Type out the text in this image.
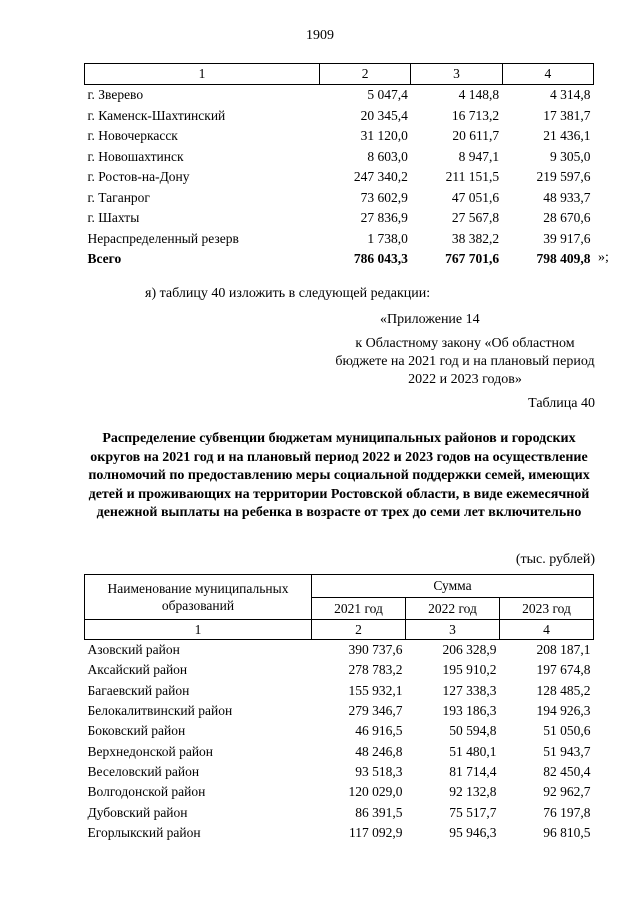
1909
1	2	3	4
г. Зверево	5 047,4	4 148,8	4 314,8
г. Каменск-Шахтинский	20 345,4	16 713,2	17 381,7
г. Новочеркасск	31 120,0	20 611,7	21 436,1
г. Новошахтинск	8 603,0	8 947,1	9 305,0
г. Ростов-на-Дону	247 340,2	211 151,5	219 597,6
г. Таганрог	73 602,9	47 051,6	48 933,7
г. Шахты	27 836,9	27 567,8	28 670,6
Нераспределенный резерв	1 738,0	38 382,2	39 917,6
Всего	786 043,3	767 701,6	798 409,8 »;
я) таблицу 40 изложить в следующей редакции:
«Приложение 14
к Областному закону «Об областном бюджете на 2021 год и на плановый период 2022 и 2023 годов»
Таблица 40
Распределение субвенции бюджетам муниципальных районов и городских округов на 2021 год и на плановый период 2022 и 2023 годов на осуществление полномочий по предоставлению меры социальной поддержки семей, имеющих детей и проживающих на территории Ростовской области, в виде ежемесячной денежной выплаты на ребенка в возрасте от трех до семи лет включительно
(тыс. рублей)
Наименование муниципальных образований	Сумма		
	2021 год	2022 год	2023 год
1	2	3	4
Азовский район	390 737,6	206 328,9	208 187,1
Аксайский район	278 783,2	195 910,2	197 674,8
Багаевский район	155 932,1	127 338,3	128 485,2
Белокалитвинский район	279 346,7	193 186,3	194 926,3
Боковский район	46 916,5	50 594,8	51 050,6
Верхнедонской район	48 246,8	51 480,1	51 943,7
Веселовский район	93 518,3	81 714,4	82 450,4
Волгодонской район	120 029,0	92 132,8	92 962,7
Дубовский район	86 391,5	75 517,7	76 197,8
Егорлыкский район	117 092,9	95 946,3	96 810,5
